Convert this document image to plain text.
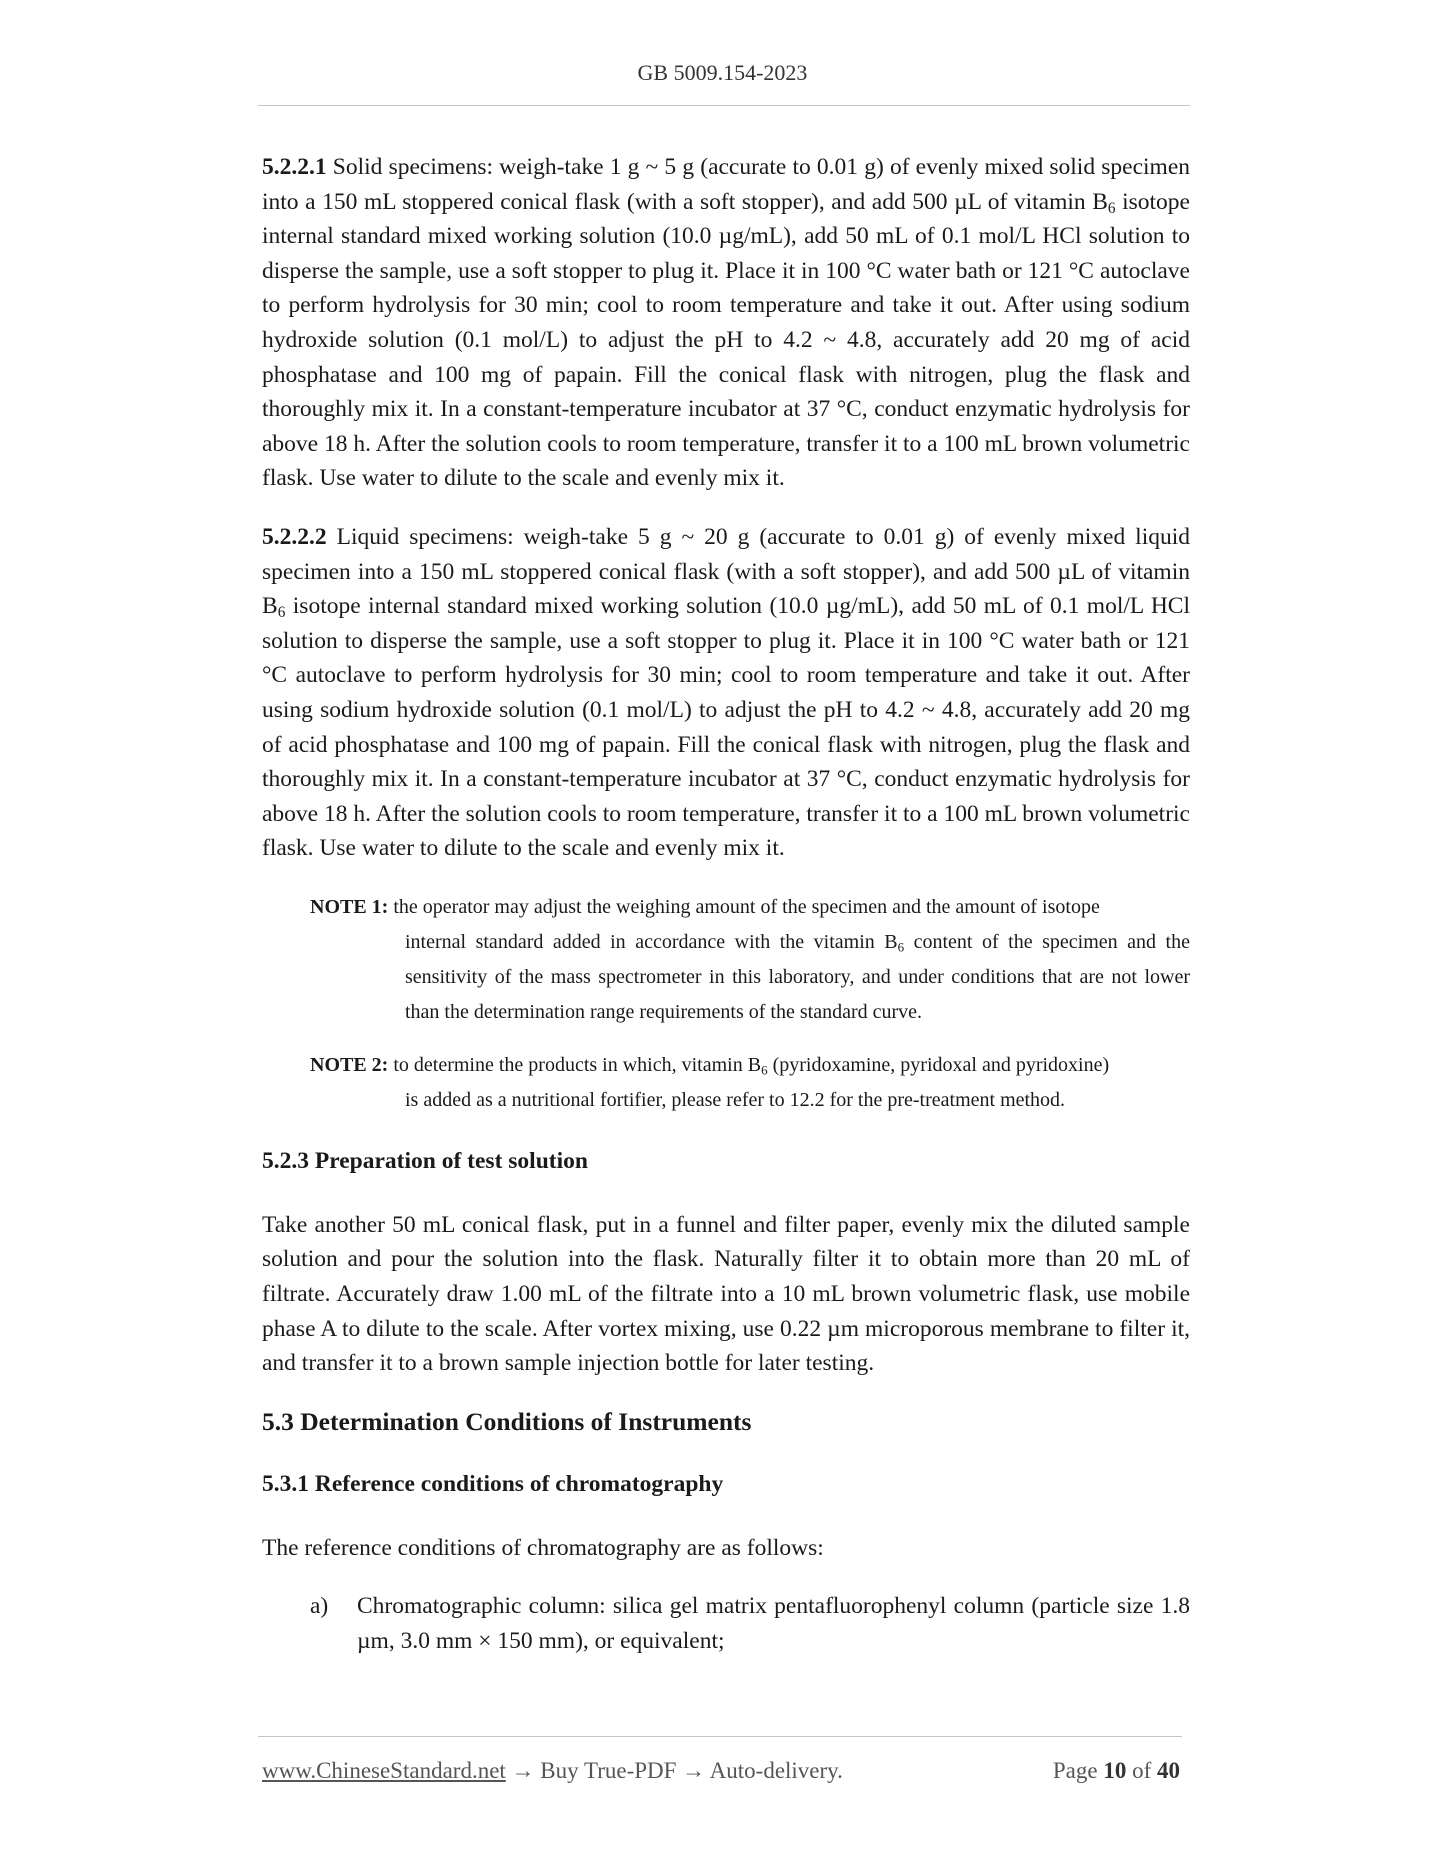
GB 5009.154-2023

5.2.2.1 Solid specimens: weigh-take 1 g ~ 5 g (accurate to 0.01 g) of evenly mixed solid specimen into a 150 mL stoppered conical flask (with a soft stopper), and add 500 µL of vitamin $B_6$ isotope internal standard mixed working solution (10.0 µg/mL), add 50 mL of 0.1 mol/L HCl solution to disperse the sample, use a soft stopper to plug it. Place it in 100 °C water bath or 121 °C autoclave to perform hydrolysis for 30 min; cool to room temperature and take it out. After using sodium hydroxide solution (0.1 mol/L) to adjust the pH to 4.2 ~ 4.8, accurately add 20 mg of acid phosphatase and 100 mg of papain. Fill the conical flask with nitrogen, plug the flask and thoroughly mix it. In a constant-temperature incubator at 37 °C, conduct enzymatic hydrolysis for above 18 h. After the solution cools to room temperature, transfer it to a 100 mL brown volumetric flask. Use water to dilute to the scale and evenly mix it.

5.2.2.2 Liquid specimens: weigh-take 5 g ~ 20 g (accurate to 0.01 g) of evenly mixed liquid specimen into a 150 mL stoppered conical flask (with a soft stopper), and add 500 µL of vitamin $B_6$ isotope internal standard mixed working solution (10.0 µg/mL), add 50 mL of 0.1 mol/L HCl solution to disperse the sample, use a soft stopper to plug it. Place it in 100 °C water bath or 121 °C autoclave to perform hydrolysis for 30 min; cool to room temperature and take it out. After using sodium hydroxide solution (0.1 mol/L) to adjust the pH to 4.2 ~ 4.8, accurately add 20 mg of acid phosphatase and 100 mg of papain. Fill the conical flask with nitrogen, plug the flask and thoroughly mix it. In a constant-temperature incubator at 37 °C, conduct enzymatic hydrolysis for above 18 h. After the solution cools to room temperature, transfer it to a 100 mL brown volumetric flask. Use water to dilute to the scale and evenly mix it.

NOTE 1: the operator may adjust the weighing amount of the specimen and the amount of isotope
internal standard added in accordance with the vitamin $B_6$ content of the specimen and the sensitivity of the mass spectrometer in this laboratory, and under conditions that are not lower than the determination range requirements of the standard curve.
NOTE 2: to determine the products in which, vitamin $B_6$ (pyridoxamine, pyridoxal and pyridoxine)
is added as a nutritional fortifier, please refer to 12.2 for the pre-treatment method.
5.2.3 Preparation of test solution

Take another 50 mL conical flask, put in a funnel and filter paper, evenly mix the diluted sample solution and pour the solution into the flask. Naturally filter it to obtain more than 20 mL of filtrate. Accurately draw 1.00 mL of the filtrate into a 10 mL brown volumetric flask, use mobile phase A to dilute to the scale. After vortex mixing, use 0.22 µm microporous membrane to filter it, and transfer it to a brown sample injection bottle for later testing.

5.3 Determination Conditions of Instruments
5.3.1 Reference conditions of chromatography

The reference conditions of chromatography are as follows:

a) Chromatographic column: silica gel matrix pentafluorophenyl column (particle size 1.8 µm, 3.0 mm × 150 mm), or equivalent;
www.ChineseStandard.net → Buy True-PDF → Auto-delivery.	Page 10 of 40
